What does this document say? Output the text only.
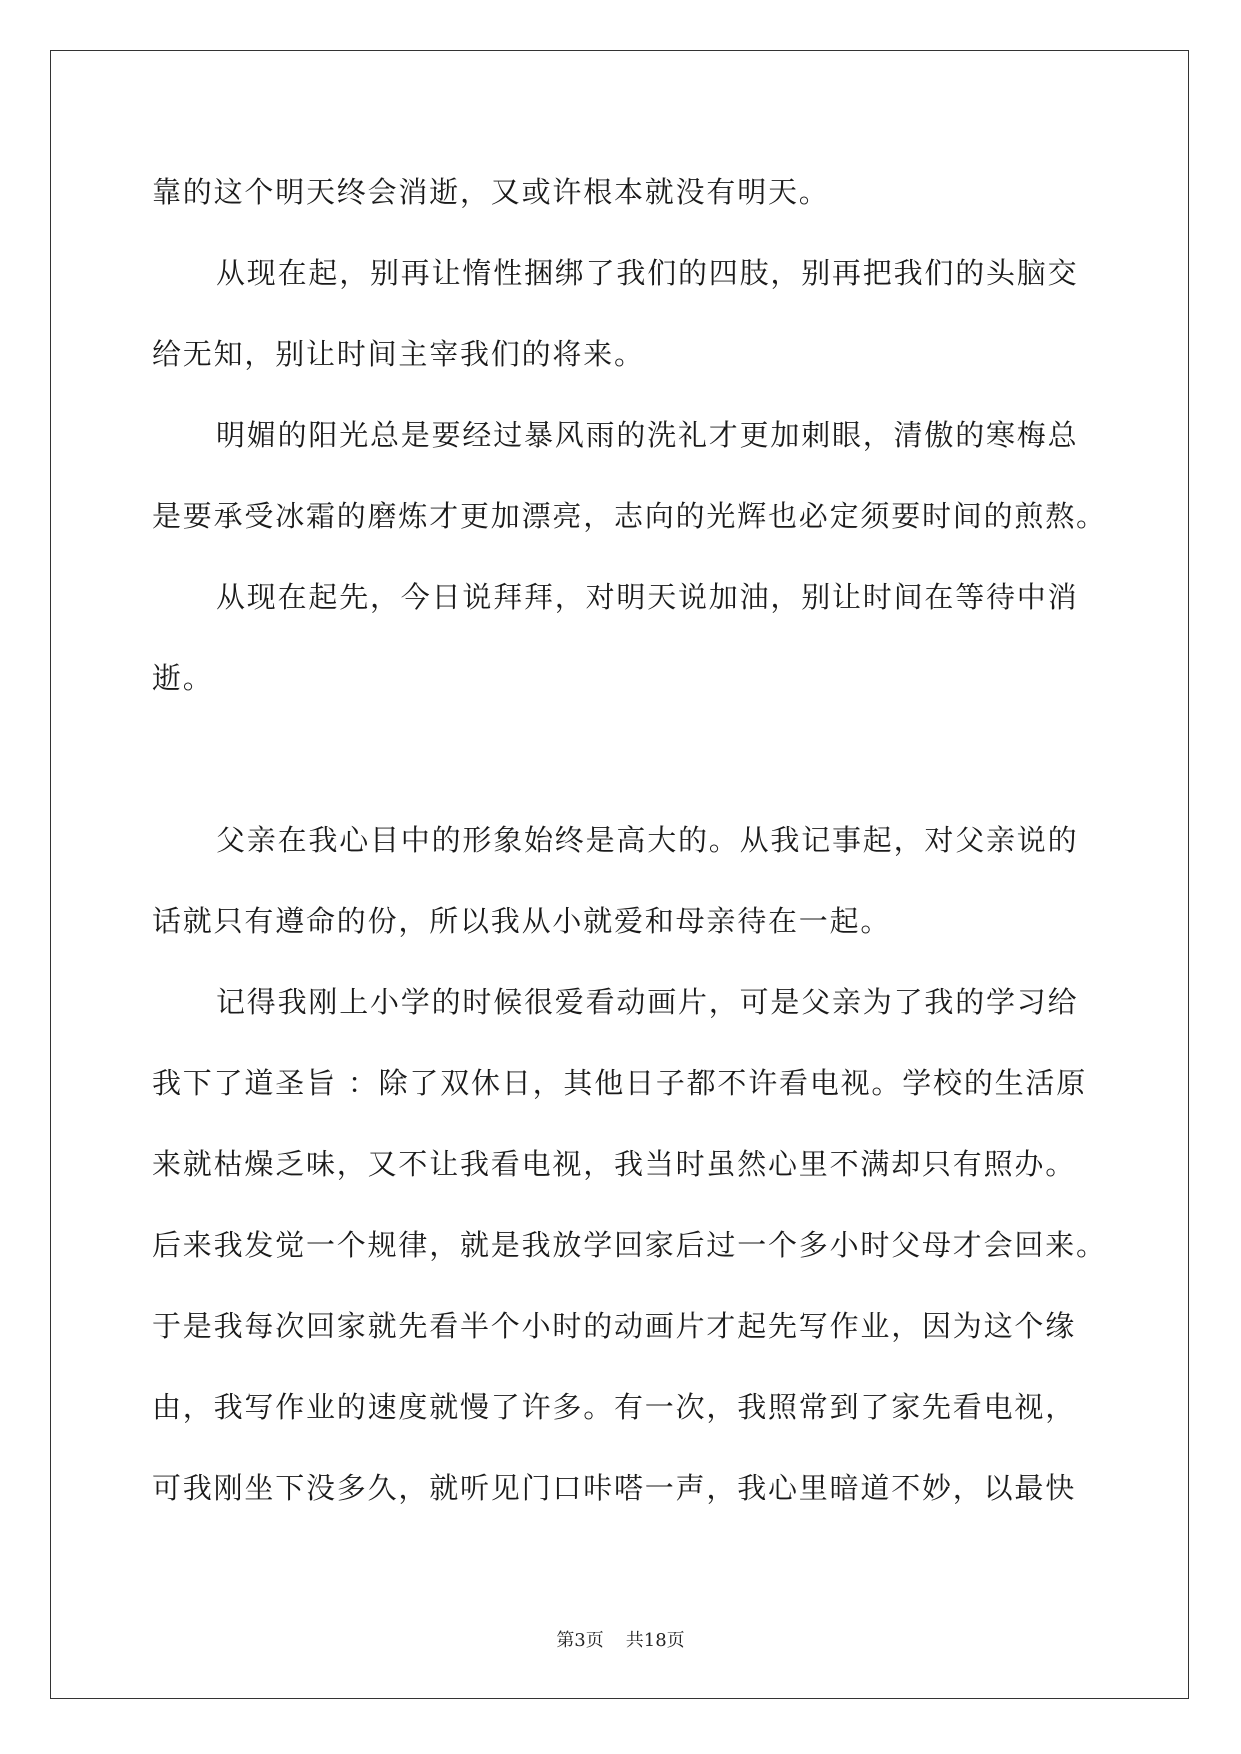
靠的这个明天终会消逝，又或许根本就没有明天。
从现在起，别再让惰性捆绑了我们的四肢，别再把我们的头脑交
给无知，别让时间主宰我们的将来。
明媚的阳光总是要经过暴风雨的洗礼才更加刺眼，清傲的寒梅总
是要承受冰霜的磨炼才更加漂亮，志向的光辉也必定须要时间的煎熬。
从现在起先，今日说拜拜，对明天说加油，别让时间在等待中消
逝。
父亲在我心目中的形象始终是高大的。从我记事起，对父亲说的
话就只有遵命的份，所以我从小就爱和母亲待在一起。
记得我刚上小学的时候很爱看动画片，可是父亲为了我的学习给
我下了道圣旨 ：除了双休日，其他日子都不许看电视。学校的生活原
来就枯燥乏味，又不让我看电视，我当时虽然心里不满却只有照办。
后来我发觉一个规律，就是我放学回家后过一个多小时父母才会回来。
于是我每次回家就先看半个小时的动画片才起先写作业，因为这个缘
由，我写作业的速度就慢了许多。有一次，我照常到了家先看电视，
可我刚坐下没多久，就听见门口咔嗒一声，我心里暗道不妙，以最快
第3页 共18页
